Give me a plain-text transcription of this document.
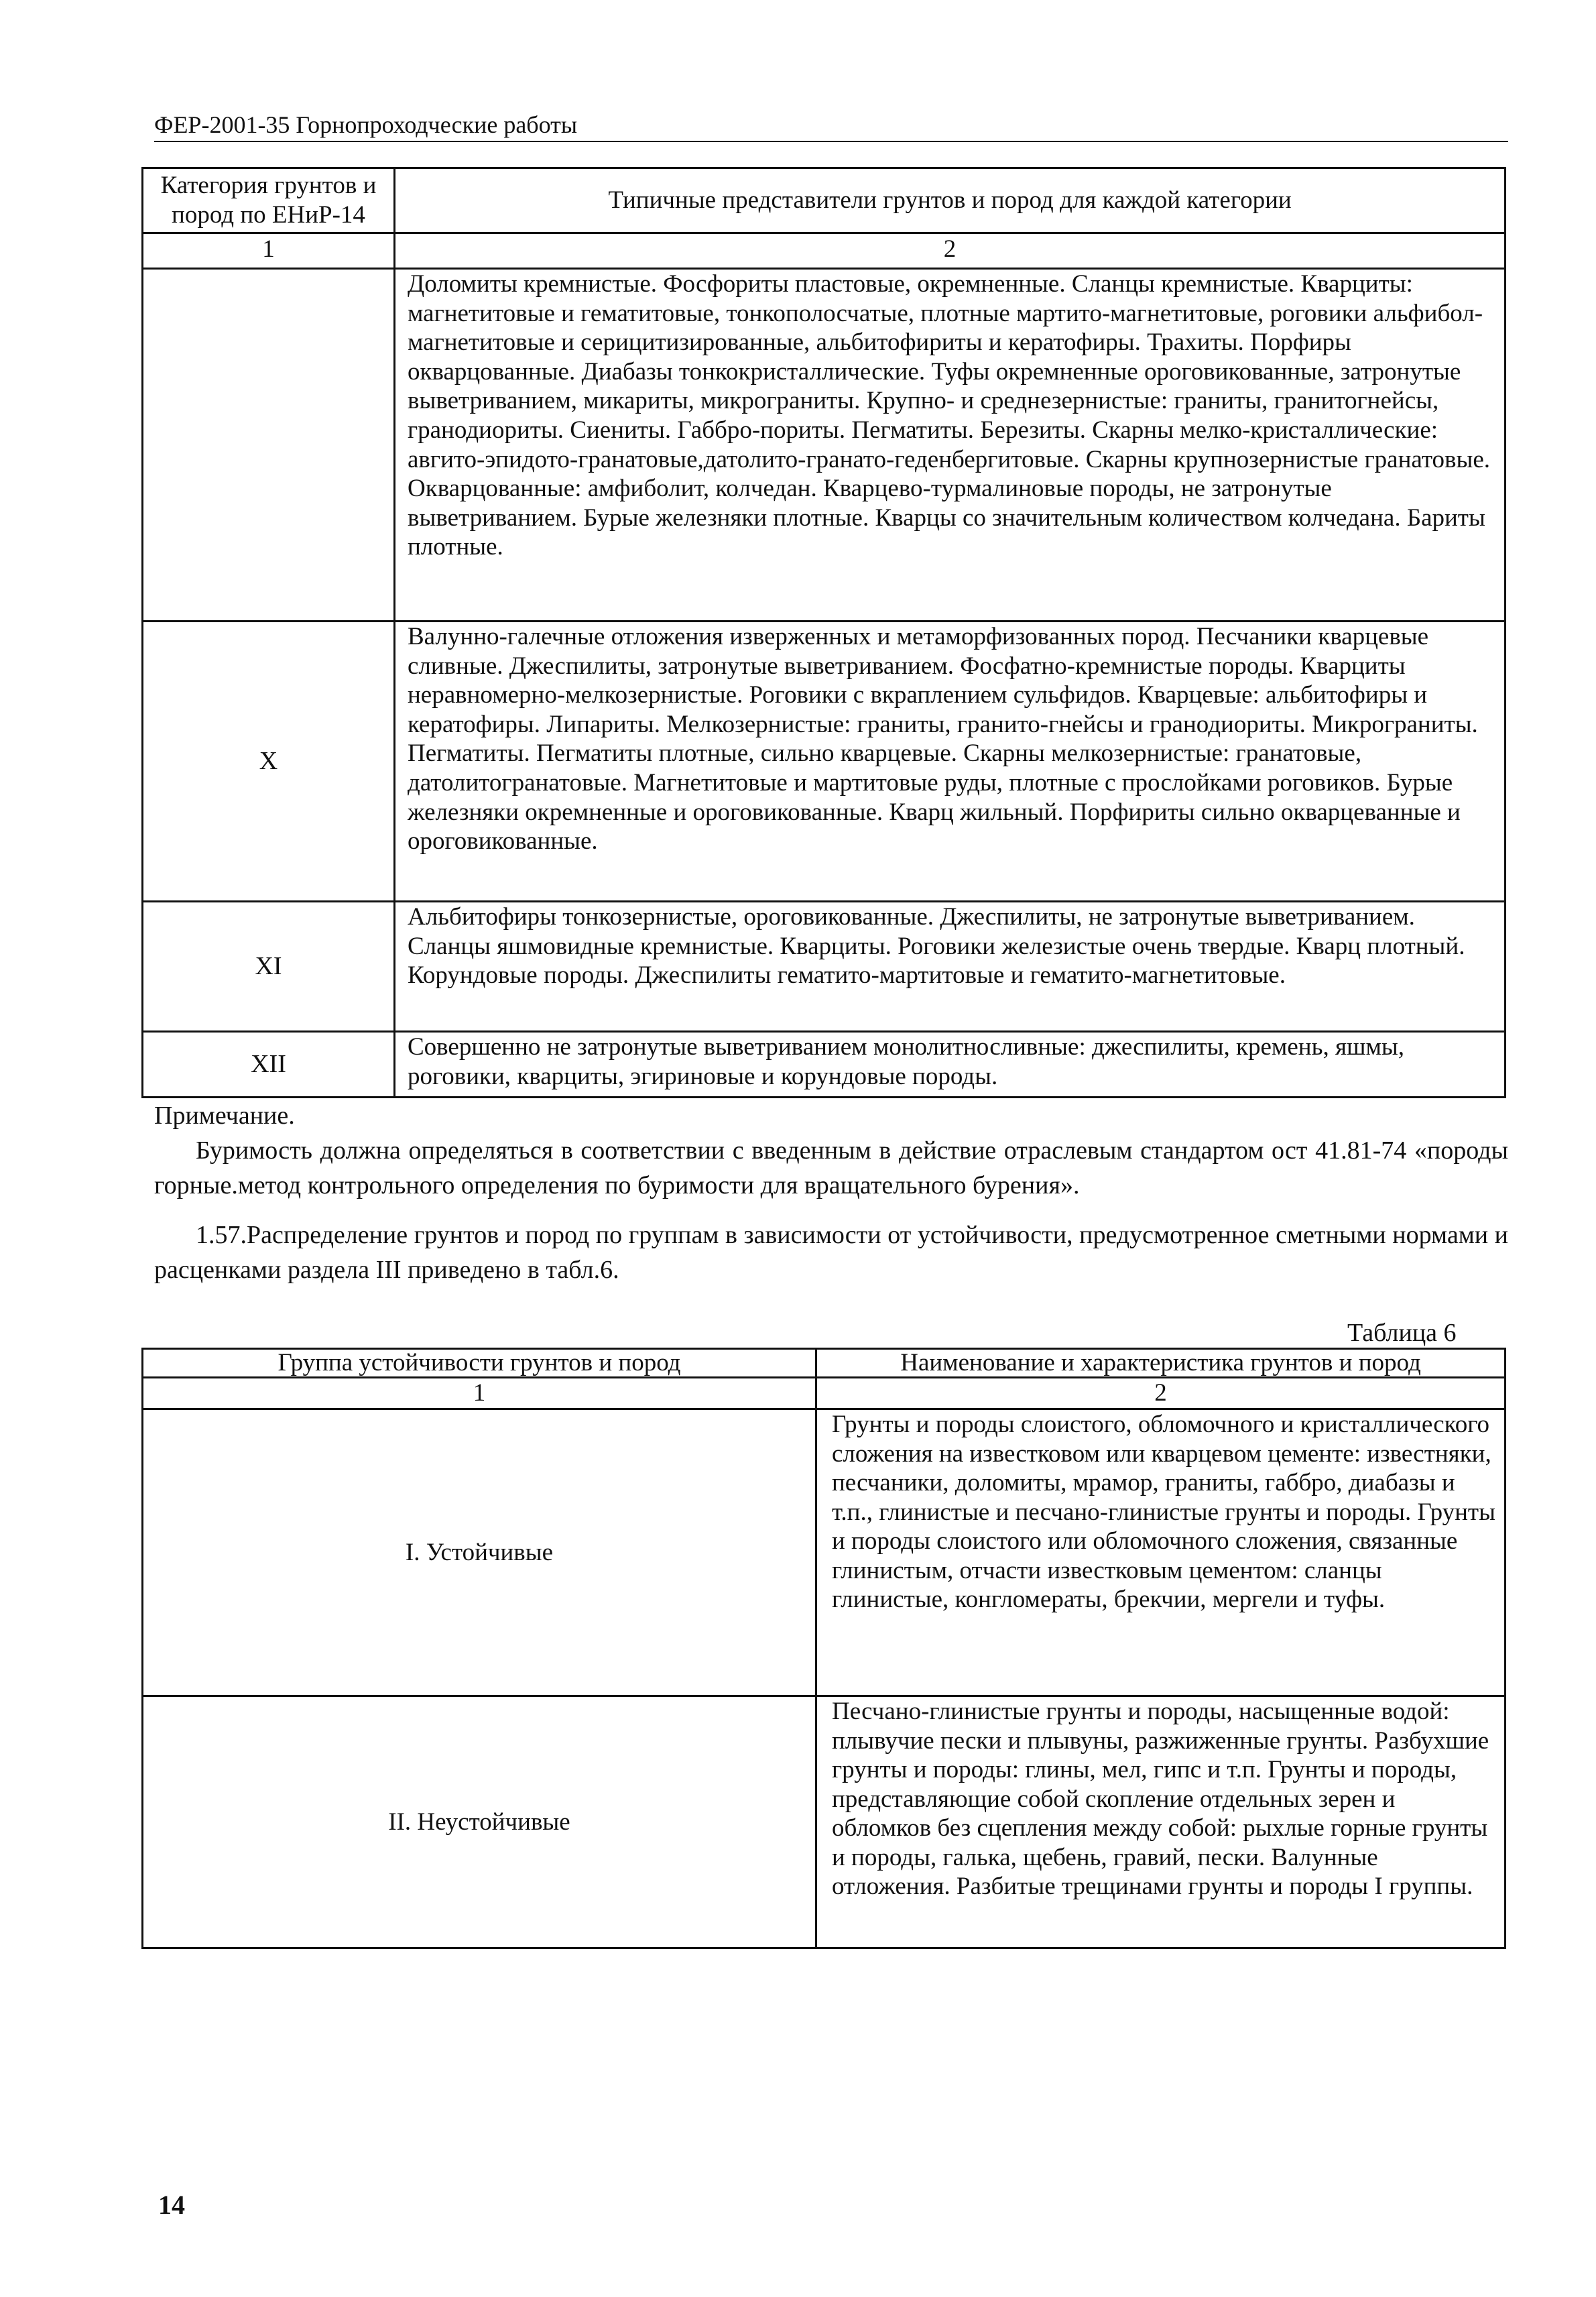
ФЕР-2001-35 Горнопроходческие работы
Категория грунтов и пород по ЕНиР-14	Типичные представители грунтов и пород для каждой категории
1	2
	Доломиты кремнистые. Фосфориты пластовые, окремненные. Сланцы кремнистые. Кварциты: магнетитовые и гематитовые, тонкополосчатые, плотные мартито-магнетитовые, роговики альфибол-магнетитовые и серицитизированные, альбитофириты и кератофиры. Трахиты. Порфиры окварцованные. Диабазы тонкокристаллические. Туфы окремненные ороговикованные, затронутые выветриванием, микариты, микрограниты. Крупно- и среднезернистые: граниты, гранитогнейсы, гранодиориты. Сиениты. Габбро-пориты. Пегматиты. Березиты. Скарны мелко-кристаллические: авгито-эпидото-гранатовые,датолито-гранато-геденбергитовые. Скарны крупнозернистые гранатовые. Окварцованные: амфиболит, колчедан. Кварцево-турмалиновые породы, не затронутые выветриванием. Бурые железняки плотные. Кварцы со значительным количеством колчедана. Бариты плотные.
X	Валунно-галечные отложения изверженных и метаморфизованных пород. Песчаники кварцевые сливные. Джеспилиты, затронутые выветриванием. Фосфатно-кремнистые породы. Кварциты неравномерно-мелкозернистые. Роговики с вкраплением сульфидов. Кварцевые: альбитофиры и кератофиры. Липариты. Мелкозернистые: граниты, гранито-гнейсы и гранодиориты. Микрограниты. Пегматиты. Пегматиты плотные, сильно кварцевые. Скарны мелкозернистые: гранатовые, датолитогранатовые. Магнетитовые и мартитовые руды, плотные с прослойками роговиков. Бурые железняки окремненные и ороговикованные. Кварц жильный. Порфириты сильно окварцеванные и ороговикованные.
XI	Альбитофиры тонкозернистые, ороговикованные. Джеспилиты, не затронутые выветриванием. Сланцы яшмовидные кремнистые. Кварциты. Роговики железистые очень твердые. Кварц плотный. Корундовые породы. Джеспилиты гематито-мартитовые и гематито-магнетитовые.
XII	Совершенно не затронутые выветриванием монолитносливные: джеспилиты, кремень, яшмы, роговики, кварциты, эгириновые и корундовые породы.
Примечание.
Буримость должна определяться в соответствии с введенным в действие отраслевым стандартом ост 41.81-74 «породы горные.метод контрольного определения по буримости для вращательного бурения».
1.57.Распределение грунтов и пород по группам в зависимости от устойчивости, предусмотренное сметными нормами и расценками раздела III приведено в табл.6.
Таблица 6
Группа устойчивости грунтов и пород	Наименование и характеристика грунтов и пород
1	2
I. Устойчивые	Грунты и породы слоистого, обломочного и кристаллического сложения на известковом или кварцевом цементе: известняки, песчаники, доломиты, мрамор, граниты, габбро, диабазы и т.п., глинистые и песчано-глинистые грунты и породы. Грунты и породы слоистого или обломочного сложения, связанные глинистым, отчасти известковым цементом: сланцы глинистые, конгломераты, брекчии, мергели и туфы.
II. Неустойчивые	Песчано-глинистые грунты и породы, насыщенные водой: плывучие пески и плывуны, разжиженные грунты. Разбухшие грунты и породы: глины, мел, гипс и т.п. Грунты и породы, представляющие собой скопление отдельных зерен и обломков без сцепления между собой: рыхлые горные грунты и породы, галька, щебень, гравий, пески. Валунные отложения. Разбитые трещинами грунты и породы I группы.
14
